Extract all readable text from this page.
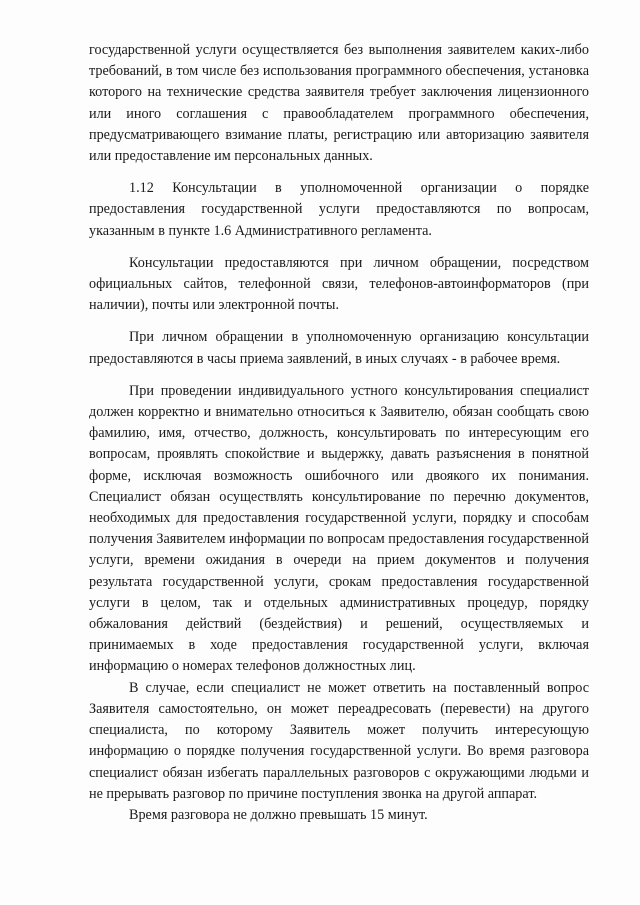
государственной услуги осуществляется без выполнения заявителем каких-либо требований, в том числе без использования программного обеспечения, установка которого на технические средства заявителя требует заключения лицензионного или иного соглашения с правообладателем программного обеспечения, предусматривающего взимание платы, регистрацию или авторизацию заявителя или предоставление им персональных данных.

1.12 Консультации в уполномоченной организации о порядке предоставления государственной услуги предоставляются по вопросам, указанным в пункте 1.6 Административного регламента.

Консультации предоставляются при личном обращении, посредством официальных сайтов, телефонной связи, телефонов-автоинформаторов (при наличии), почты или электронной почты.

При личном обращении в уполномоченную организацию консультации предоставляются в часы приема заявлений, в иных случаях - в рабочее время.

При проведении индивидуального устного консультирования специалист должен корректно и внимательно относиться к Заявителю, обязан сообщать свою фамилию, имя, отчество, должность, консультировать по интересующим его вопросам, проявлять спокойствие и выдержку, давать разъяснения в понятной форме, исключая возможность ошибочного или двоякого их понимания. Специалист обязан осуществлять консультирование по перечню документов, необходимых для предоставления государственной услуги, порядку и способам получения Заявителем информации по вопросам предоставления государственной услуги, времени ожидания в очереди на прием документов и получения результата государственной услуги, срокам предоставления государственной услуги в целом, так и отдельных административных процедур, порядку обжалования действий (бездействия) и решений, осуществляемых и принимаемых в ходе предоставления государственной услуги, включая информацию о номерах телефонов должностных лиц.

В случае, если специалист не может ответить на поставленный вопрос Заявителя самостоятельно, он может переадресовать (перевести) на другого специалиста, по которому Заявитель может получить интересующую информацию о порядке получения государственной услуги. Во время разговора специалист обязан избегать параллельных разговоров с окружающими людьми и не прерывать разговор по причине поступления звонка на другой аппарат.

Время разговора не должно превышать 15 минут.
